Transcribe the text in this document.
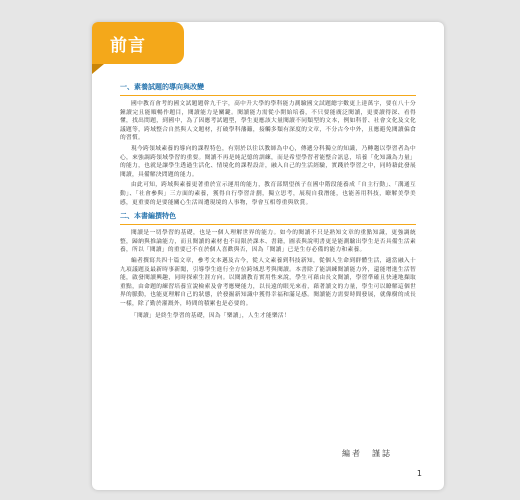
前言
一、素養試題的導向與改變

國中教育會考的國文試題題幹九千字，高中升大學的學科能力測驗國文試題總字數更上達萬字，要在八十分鐘讀完且能順暢作題目，閱讀能力是關鍵。閱讀能力需從小開始培養，不只要能廣泛閱讀，更要讀得深、看得懂，找出問題，到國中，為了因應考試題型，學生更應該大量閱讀不同類型的文本，例如科普、社會文化及文化議題等，跨域整合自然與人文題材，打破學科藩籬，接觸多類有深度的文章，不分古今中外，且應避免閱讀偏食的習慣。

現今跨領域素養的導向的課程特色，有別於以往以教師為中心，傳遞分科獨立的知識，乃轉趨以學習者為中心，來強調跨領域學習的重要。閱讀不再是純記憶的訓練，而是希望學習者能整合訊息，培養「化知識為力量」的能力，也就是讓學生透過生活化、情境化的課程設計，融入自己的生活經驗，實踐於學習之中，同時藉此發展閱讀，具備解決問題的能力。

由此可知，跨域與素養更著重於宣示運用的能力，教育部期望孩子在國中階段能養成「自主行動」、「溝通互動」、「社會參與」三方面的素養，獲得自行學習計劃，獨立思考，展現自我潛能，也能善用科技，瞭解美學美感，更重要的是要能關心生活周遭現境的人事物，學會互相尊重與欣賞。

二、本書編撰特色

閱讀是一切學習的基礎，也是一個人理解世界的能力。如今的閱讀不只是熟知文章的重點知識，更強調統整，歸納與推論能力，而且閱讀的素材也不局限於課本、書籍，圖表與說明書更是能測驗出學生是否具備生活素養，所以「閱讀」的重要已不在於個人喜歡與否，因為「閱讀」已是生存必備的能力和素養。

編者撰寫共四十篇文章，參考文本邁及古今，從人文素養到科技新知，從個人生命到群體生活，適當融入十九項議題及最新時事新聞，引導學生進行全方位跨域思考與閱讀。本書除了能訓練閱讀能力外，還能增進生活智能，啟發閱讀興趣，同時探索生涯方向。以閱讀教育實用性來說，學生可藉由長文閱讀，學習準確且快速地擷取重點，由命題的練習培養宣說檢索及會考應變能力，以長遠的眼光來看，藉著讀文的力量，學生可以瞭解這個世界的脈動，也能更理解自己的狀態，於發掘新知識中獲得幸福和滿足感。閱讀能力需要時間發展，就像樹的成長一樣，除了勤於灌溉外，時間的積累也是必要的。

「閱讀」是終生學習的基礎，因為「樂讀」，人生才能樂活！

編者　謹誌
1
